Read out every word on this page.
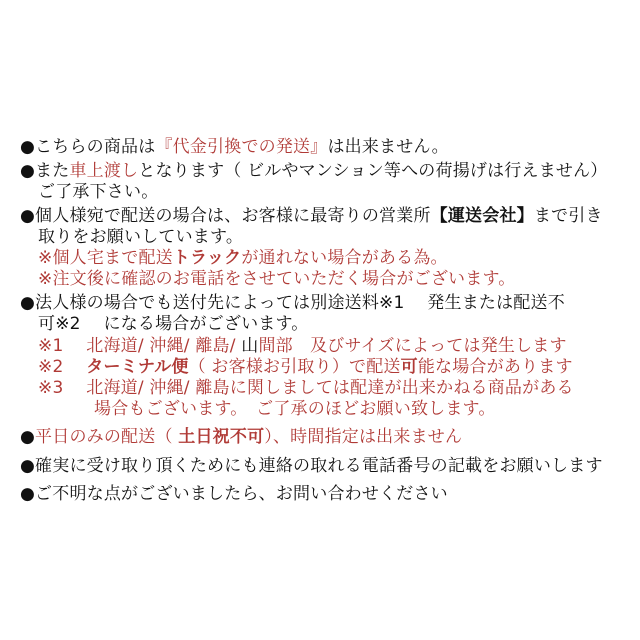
●こちらの商品は『代金引換での発送』は出来ません。
●また車上渡しとなります（ ビルやマンション等への荷揚げは行えません）
ご了承下さい。
●個人様宛で配送の場合は、お客様に最寄りの営業所【運送会社】まで引き
取りをお願いしています。
※個人宅まで配送トラックが通れない場合がある為。
※注文後に確認のお電話をさせていただく場合がございます。
●法人様の場合でも送付先によっては別途送料※1　 発生または配送不
可※2　 になる場合がございます。
※1　 北海道/ 沖縄/ 離島/ 山間部　及びサイズによっては発生します
※2　 ターミナル便（ お客様お引取り）で配送可能な場合があります
※3　 北海道/ 沖縄/ 離島に関しましては配達が出来かねる商品がある
場合もございます。　ご了承のほどお願い致します。
●平日のみの配送（ 土日祝不可）、時間指定は出来ません
●確実に受け取り頂くためにも連絡の取れる電話番号の記載をお願いします
●ご不明な点がございましたら、お問い合わせください
